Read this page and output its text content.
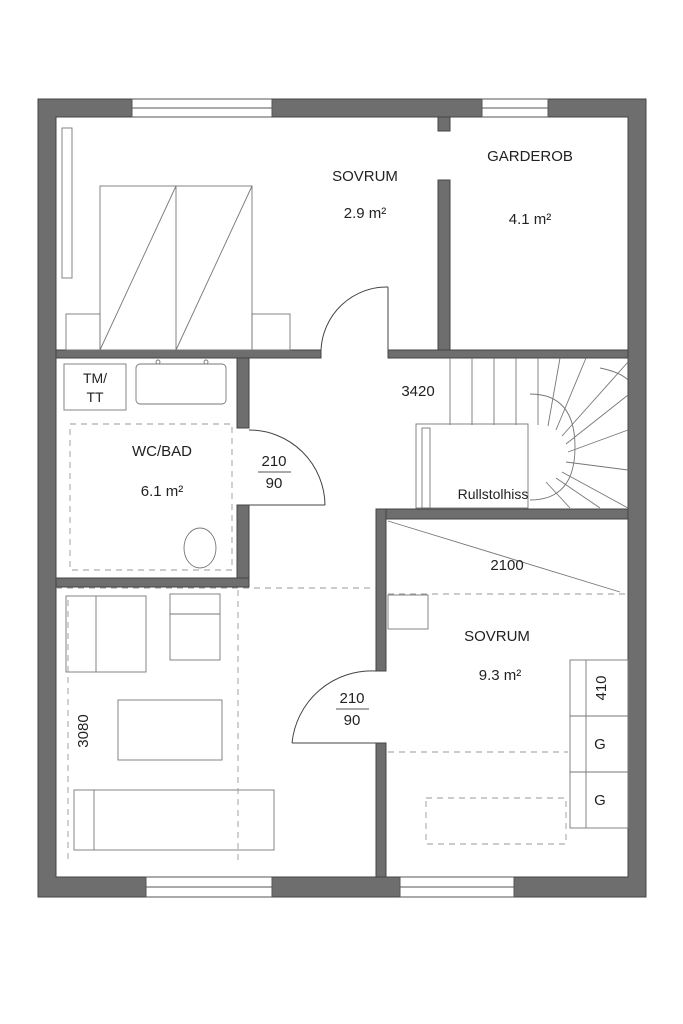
SOVRUM
2.9 m²
GARDEROB
4.1 m²
TM/
TT
WC/BAD
6.1 m²
210
90
3420
Rullstolhiss
3080
210
90
2100
SOVRUM
9.3 m²	410
G
G
